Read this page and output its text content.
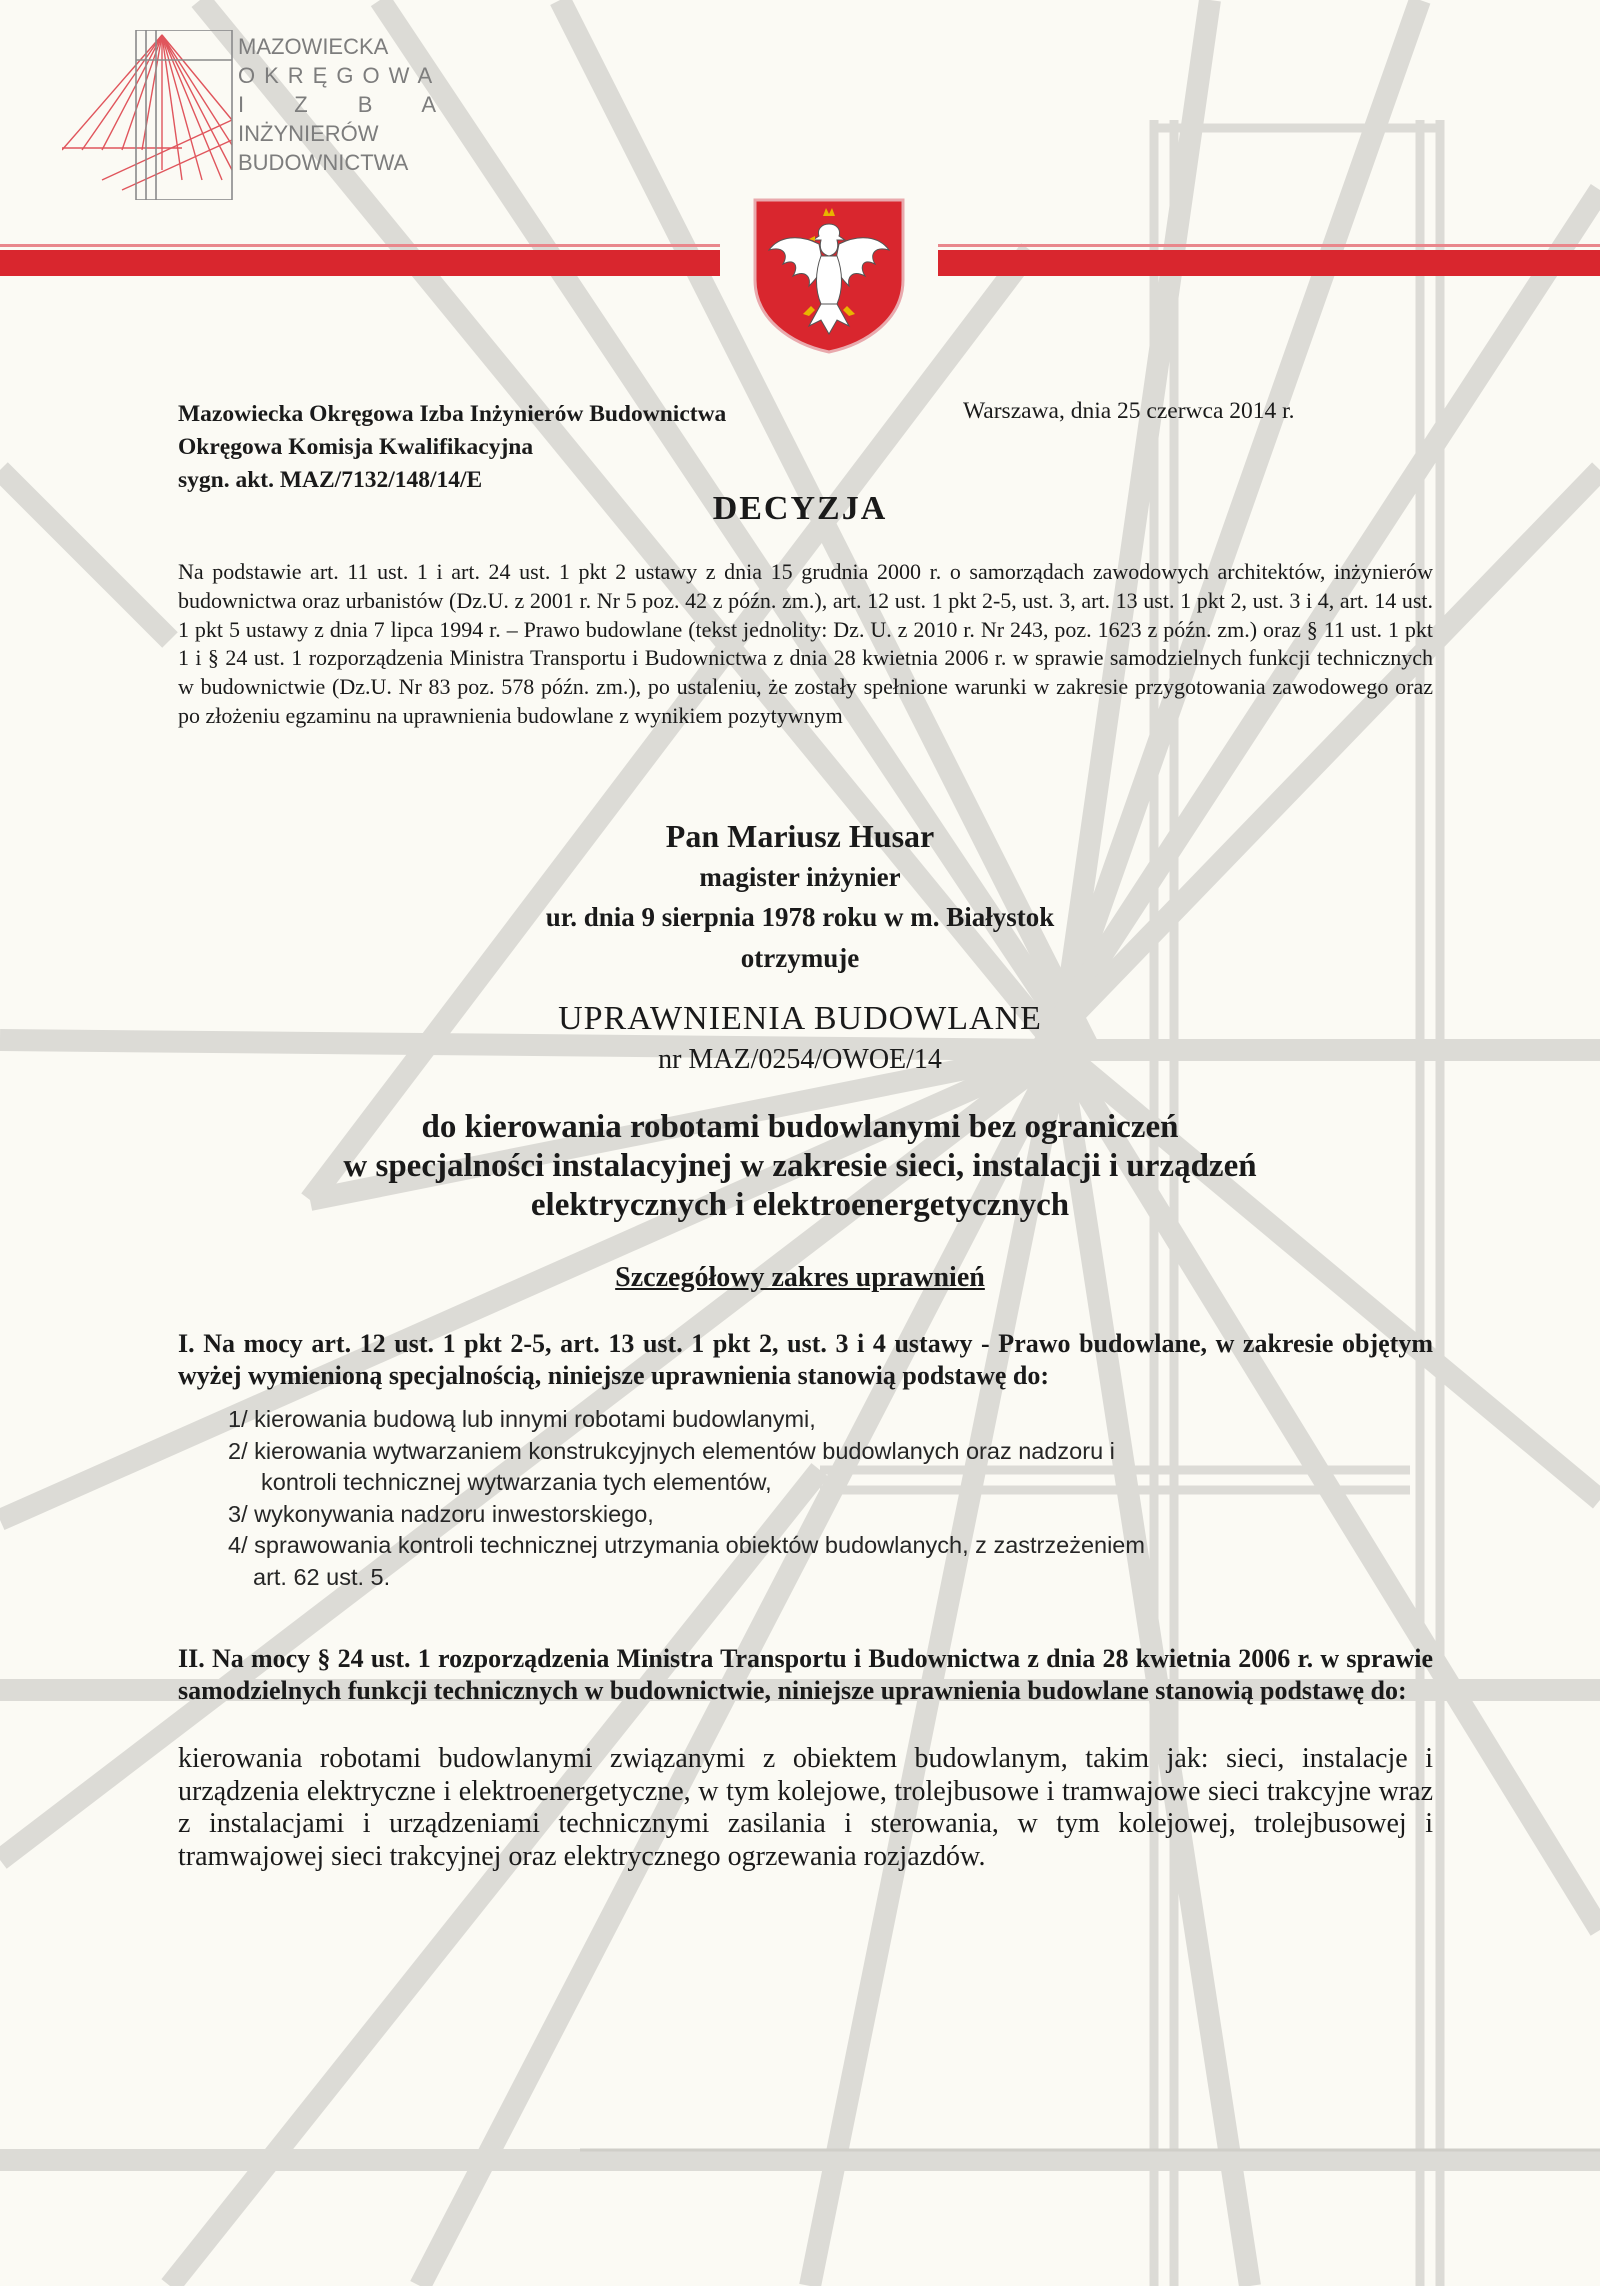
MAZOWIECKA
OKRĘGOWA
I Z B A
INŻYNIERÓW
BUDOWNICTWA
Mazowiecka Okręgowa Izba Inżynierów Budownictwa
Okręgowa Komisja Kwalifikacyjna
sygn. akt. MAZ/7132/148/14/E
Warszawa, dnia 25 czerwca 2014 r.
DECYZJA
Na podstawie art. 11 ust. 1 i art. 24 ust. 1 pkt 2 ustawy z dnia 15 grudnia 2000 r. o samorządach zawodowych architektów, inżynierów budownictwa oraz urbanistów (Dz.U. z 2001 r. Nr 5 poz. 42 z późn. zm.), art. 12 ust. 1 pkt 2-5, ust. 3, art. 13 ust. 1 pkt 2, ust. 3 i 4, art. 14 ust. 1 pkt 5 ustawy z dnia 7 lipca 1994 r. – Prawo budowlane (tekst jednolity: Dz. U. z 2010 r. Nr 243, poz. 1623 z późn. zm.) oraz § 11 ust. 1 pkt 1 i § 24 ust. 1 rozporządzenia Ministra Transportu i Budownictwa z dnia 28 kwietnia 2006 r. w sprawie samodzielnych funkcji technicznych w budownictwie (Dz.U. Nr 83 poz. 578 późn. zm.), po ustaleniu, że zostały spełnione warunki w zakresie przygotowania zawodowego oraz po złożeniu egzaminu na uprawnienia budowlane z wynikiem pozytywnym
Pan Mariusz Husar
magister inżynier
ur. dnia 9 sierpnia 1978 roku w m. Białystok
otrzymuje
UPRAWNIENIA BUDOWLANE
nr MAZ/0254/OWOE/14
do kierowania robotami budowlanymi bez ograniczeń
w specjalności instalacyjnej w zakresie sieci, instalacji i urządzeń
elektrycznych i elektroenergetycznych
Szczegółowy zakres uprawnień
I. Na mocy art. 12 ust. 1 pkt 2-5, art. 13 ust. 1 pkt 2, ust. 3 i 4 ustawy - Prawo budowlane, w zakresie objętym wyżej wymienioną specjalnością, niniejsze uprawnienia stanowią podstawę do:
1/ kierowania budową lub innymi robotami budowlanymi,
2/ kierowania wytwarzaniem konstrukcyjnych elementów budowlanych oraz nadzoru i
kontroli technicznej wytwarzania tych elementów,
3/ wykonywania nadzoru inwestorskiego,
4/ sprawowania kontroli technicznej utrzymania obiektów budowlanych, z zastrzeżeniem
art. 62 ust. 5.
II. Na mocy § 24 ust. 1 rozporządzenia Ministra Transportu i Budownictwa z dnia 28 kwietnia 2006 r. w sprawie samodzielnych funkcji technicznych w budownictwie, niniejsze uprawnienia budowlane stanowią podstawę do:
kierowania robotami budowlanymi związanymi z obiektem budowlanym, takim jak: sieci, instalacje i urządzenia elektryczne i elektroenergetyczne, w tym kolejowe, trolejbusowe i tramwajowe sieci trakcyjne wraz z instalacjami i urządzeniami technicznymi zasilania i sterowania, w tym kolejowej, trolejbusowej i tramwajowej sieci trakcyjnej oraz elektrycznego ogrzewania rozjazdów.
